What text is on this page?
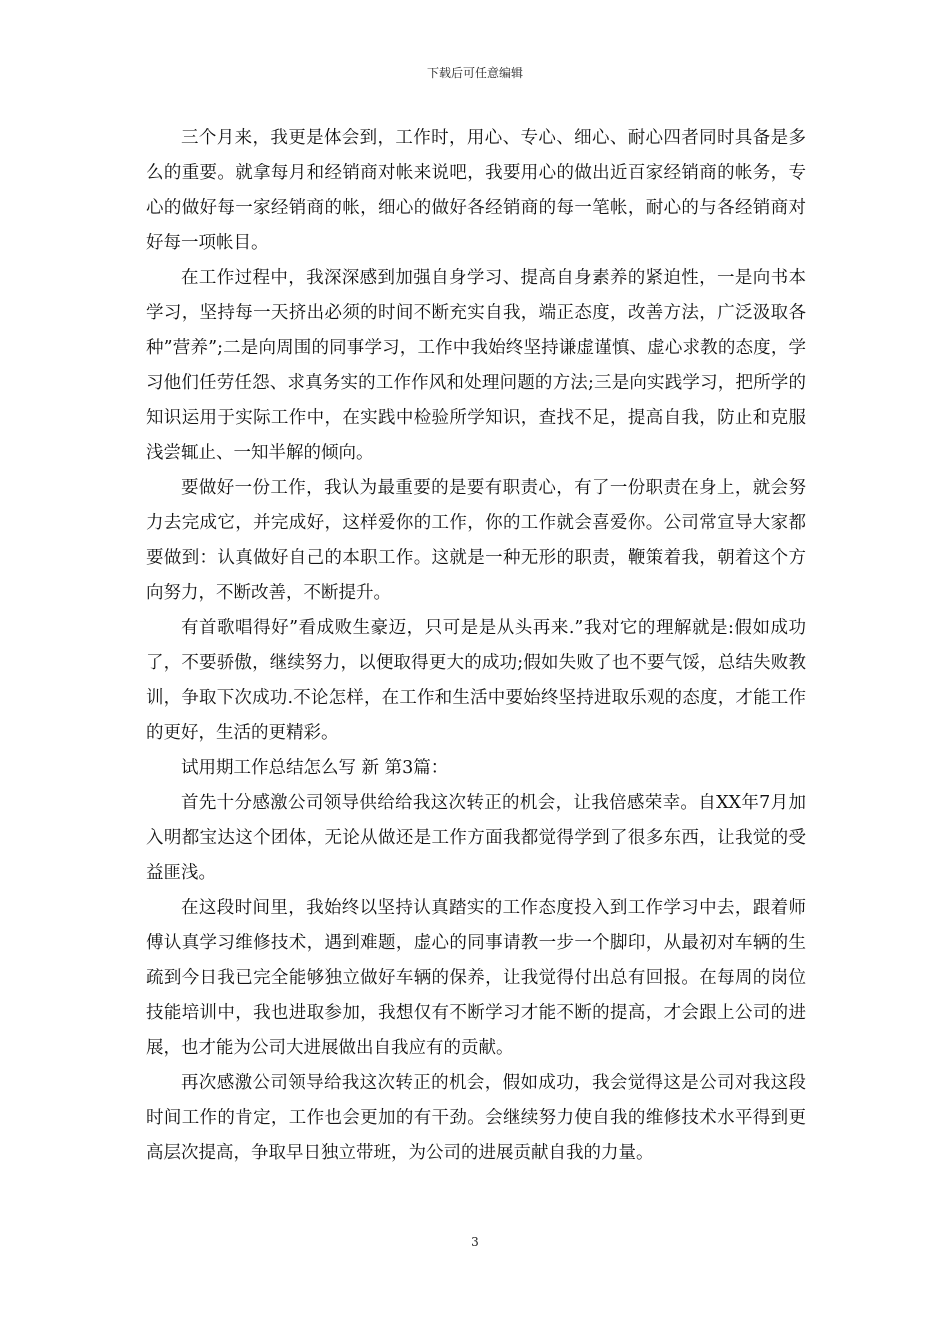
下载后可任意编辑

三个月来，我更是体会到，工作时，用心、专心、细心、耐心四者同时具备是多么的重要。就拿每月和经销商对帐来说吧，我要用心的做出近百家经销商的帐务，专心的做好每一家经销商的帐，细心的做好各经销商的每一笔帐，耐心的与各经销商对好每一项帐目。

在工作过程中，我深深感到加强自身学习、提高自身素养的紧迫性，一是向书本学习，坚持每一天挤出必须的时间不断充实自我，端正态度，改善方法，广泛汲取各种”营养”;二是向周围的同事学习，工作中我始终坚持谦虚谨慎、虚心求教的态度，学习他们任劳任怨、求真务实的工作作风和处理问题的方法;三是向实践学习，把所学的知识运用于实际工作中，在实践中检验所学知识，查找不足，提高自我，防止和克服浅尝辄止、一知半解的倾向。

要做好一份工作，我认为最重要的是要有职责心，有了一份职责在身上，就会努力去完成它，并完成好，这样爱你的工作，你的工作就会喜爱你。公司常宣导大家都要做到：认真做好自己的本职工作。这就是一种无形的职责，鞭策着我，朝着这个方向努力，不断改善，不断提升。

有首歌唱得好”看成败生豪迈，只可是是从头再来.”我对它的理解就是:假如成功了，不要骄傲，继续努力，以便取得更大的成功;假如失败了也不要气馁，总结失败教训，争取下次成功.不论怎样，在工作和生活中要始终坚持进取乐观的态度，才能工作的更好，生活的更精彩。

试用期工作总结怎么写 新 第3篇：

首先十分感激公司领导供给给我这次转正的机会，让我倍感荣幸。自XX年7月加入明都宝达这个团体，无论从做还是工作方面我都觉得学到了很多东西，让我觉的受益匪浅。

在这段时间里，我始终以坚持认真踏实的工作态度投入到工作学习中去，跟着师傅认真学习维修技术，遇到难题，虚心的同事请教一步一个脚印，从最初对车辆的生疏到今日我已完全能够独立做好车辆的保养，让我觉得付出总有回报。在每周的岗位技能培训中，我也进取参加，我想仅有不断学习才能不断的提高，才会跟上公司的进展，也才能为公司大进展做出自我应有的贡献。

再次感激公司领导给我这次转正的机会，假如成功，我会觉得这是公司对我这段时间工作的肯定，工作也会更加的有干劲。会继续努力使自我的维修技术水平得到更高层次提高，争取早日独立带班，为公司的进展贡献自我的力量。

3
